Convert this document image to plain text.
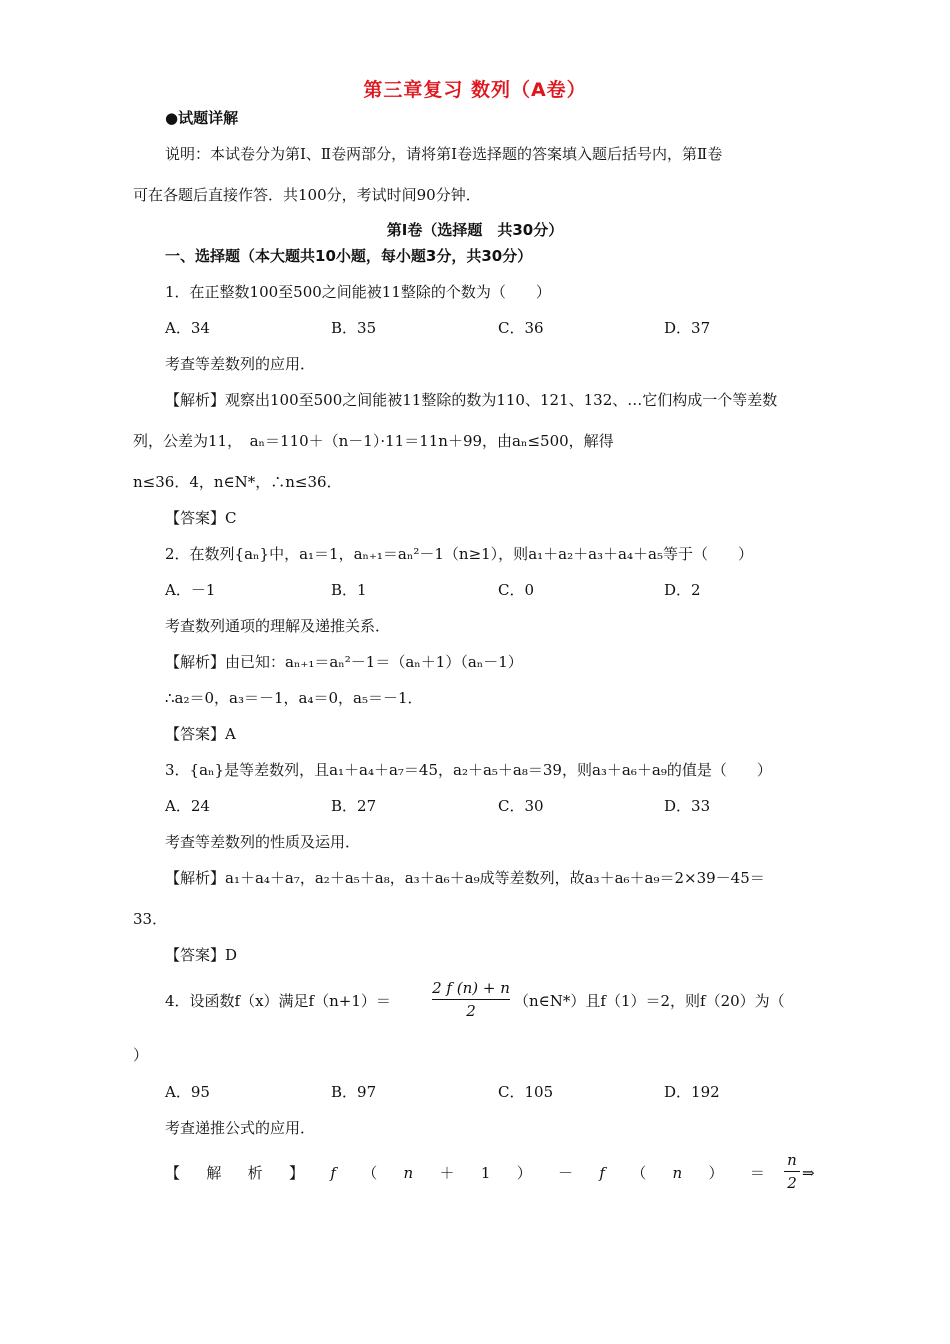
第三章复习 数列（A卷）
●试题详解
说明：本试卷分为第Ⅰ、Ⅱ卷两部分，请将第Ⅰ卷选择题的答案填入题后括号内，第Ⅱ卷
可在各题后直接作答．共100分，考试时间90分钟．
第Ⅰ卷（选择题　共30分）
一、选择题（本大题共10小题，每小题3分，共30分）
1．在正整数100至500之间能被11整除的个数为（　　）
A．34	B．35	C．36	D．37
考查等差数列的应用．
【解析】观察出100至500之间能被11整除的数为110、121、132、…它们构成一个等差数
列，公差为11，　aₙ＝110＋（n－1）·11＝11n＋99，由aₙ≤500，解得
n≤36．4，n∈N*，∴n≤36．
【答案】C
2．在数列{aₙ}中，a₁＝1，aₙ₊₁＝aₙ²－1（n≥1），则a₁＋a₂＋a₃＋a₄＋a₅等于（　　）
A．－1	B．1	C．0	D．2
考查数列通项的理解及递推关系．
【解析】由已知：aₙ₊₁＝aₙ²－1＝（aₙ＋1）（aₙ－1）
∴a₂＝0，a₃＝－1，a₄＝0，a₅＝－1．
【答案】A
3．{aₙ}是等差数列，且a₁＋a₄＋a₇＝45，a₂＋a₅＋a₈＝39，则a₃＋a₆＋a₉的值是（　　）
A．24	B．27	C．30	D．33
考查等差数列的性质及运用．
【解析】a₁＋a₄＋a₇，a₂＋a₅＋a₈，a₃＋a₆＋a₉成等差数列，故a₃＋a₆＋a₉＝2×39－45＝
33．
【答案】D
4．设函数f（x）满足f（n+1）＝
2 f (n) + n
2
（n∈N*）且f（1）＝2，则f（20）为（
）
A．95	B．97	C．105	D．192
考查递推公式的应用．
【 解 析 】 f （ n ＋ 1 ） － f （ n ） ＝
n
2
⇒
